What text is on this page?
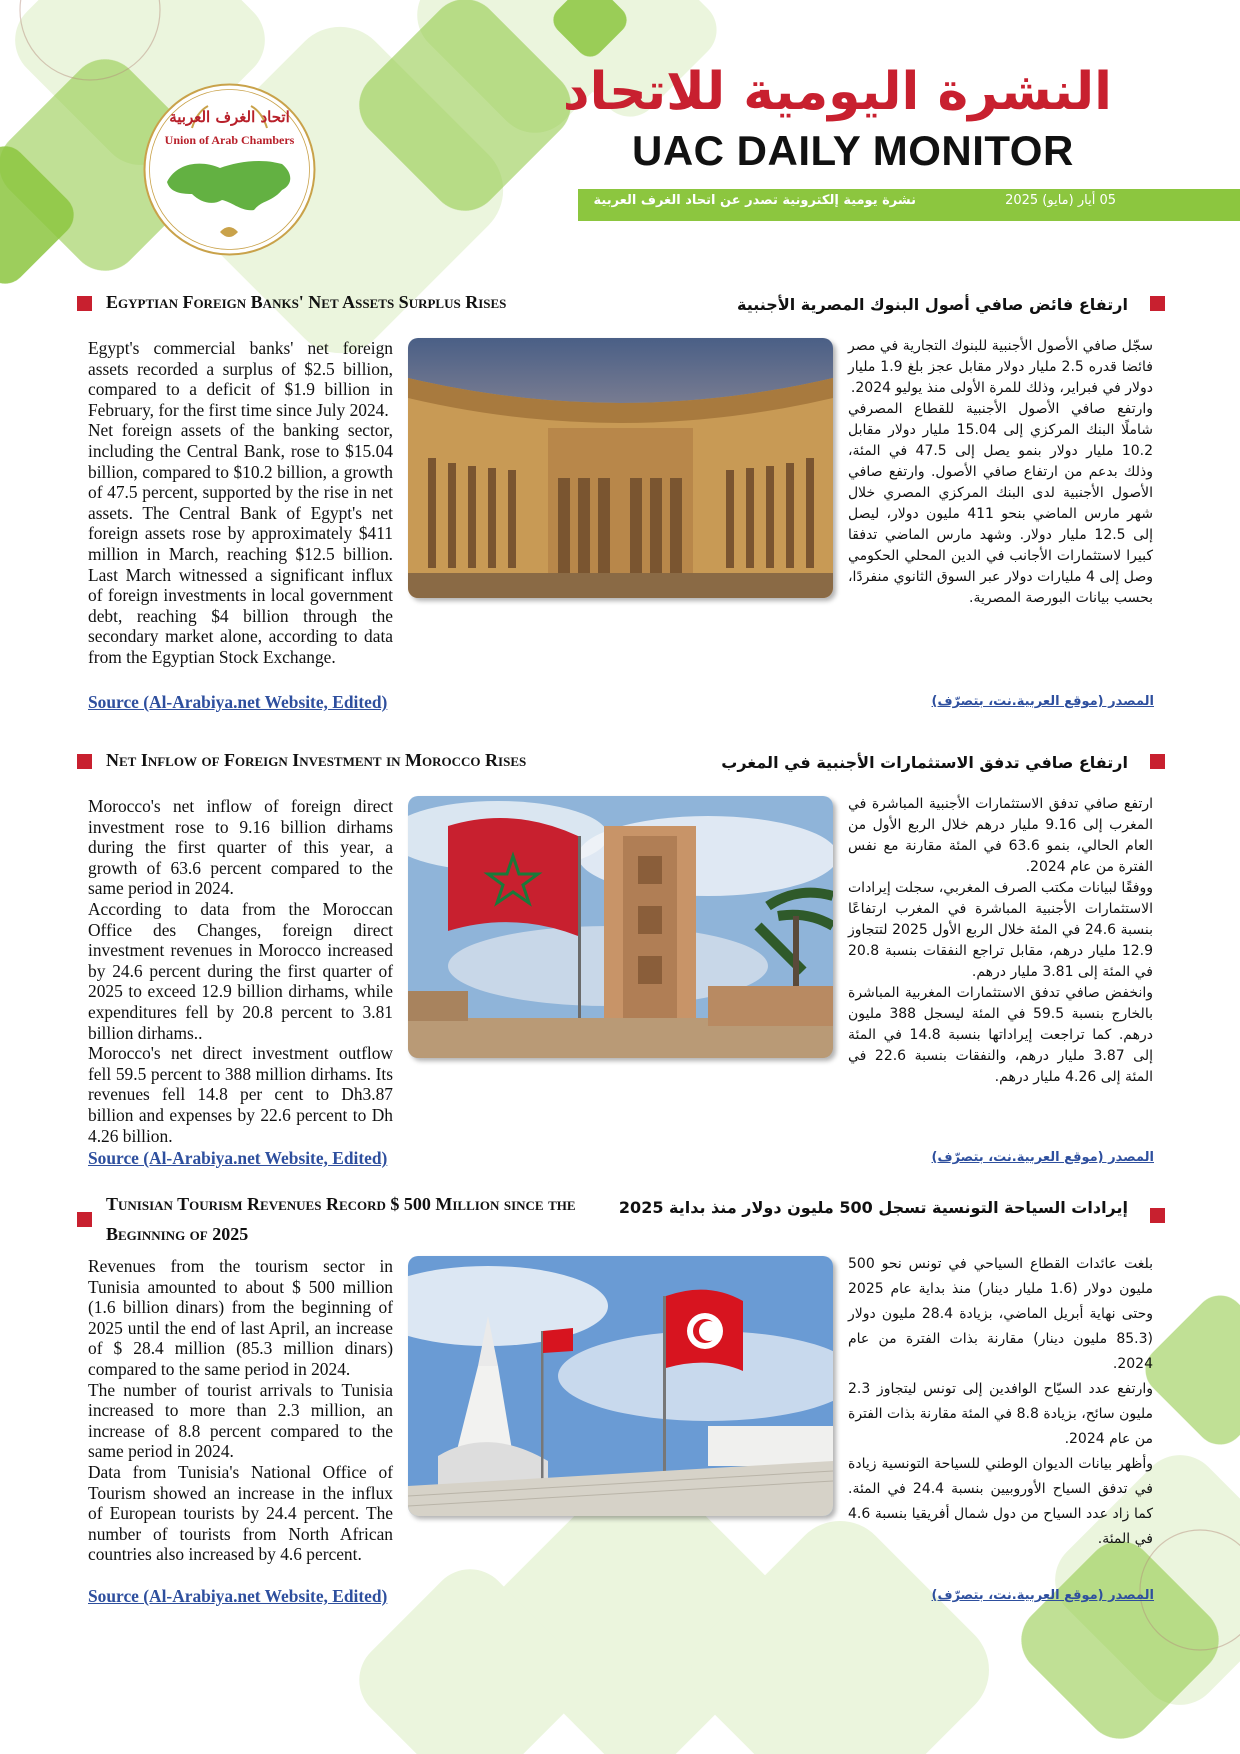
اتحاد الغرف العربية
Union of Arab Chambers
النشرة اليومية للاتحاد
UAC DAILY MONITOR
نشرة يومية إلكترونية تصدر عن اتحاد الغرف العربية	05 أيار (مايو) 2025
Egyptian Foreign Banks' Net Assets Surplus Rises	ارتفاع فائض صافي أصول البنوك المصرية الأجنبية

Egypt's commercial banks' net foreign assets recorded a surplus of $2.5 billion, compared to a deficit of $1.9 billion in February, for the first time since July 2024.

Net foreign assets of the banking sector, including the Central Bank, rose to $15.04 billion, compared to $10.2 billion, a growth of 47.5 percent, supported by the rise in net assets. The Central Bank of Egypt's net foreign assets rose by approximately $411 million in March, reaching $12.5 billion. Last March witnessed a significant influx of foreign investments in local government debt, reaching $4 billion through the secondary market alone, according to data from the Egyptian Stock Exchange.

Source (Al-Arabiya.net Website, Edited)

سجّل صافي الأصول الأجنبية للبنوك التجارية في مصر فائضا قدره 2.5 مليار دولار مقابل عجز بلغ 1.9 مليار دولار في فبراير، وذلك للمرة الأولى منذ يوليو 2024.

وارتفع صافي الأصول الأجنبية للقطاع المصرفي شاملًا البنك المركزي إلى 15.04 مليار دولار مقابل 10.2 مليار دولار بنمو يصل إلى 47.5 في المئة، وذلك بدعم من ارتفاع صافي الأصول. وارتفع صافي الأصول الأجنبية لدى البنك المركزي المصري خلال شهر مارس الماضي بنحو 411 مليون دولار، ليصل إلى 12.5 مليار دولار. وشهد مارس الماضي تدفقا كبيرا لاستثمارات الأجانب في الدين المحلي الحكومي وصل إلى 4 مليارات دولار عبر السوق الثانوي منفردًا، بحسب بيانات البورصة المصرية.

المصدر (موقع العربية.نت، بتصرّف)
Net Inflow of Foreign Investment in Morocco Rises	ارتفاع صافي تدفق الاستثمارات الأجنبية في المغرب

Morocco's net inflow of foreign direct investment rose to 9.16 billion dirhams during the first quarter of this year, a growth of 63.6 percent compared to the same period in 2024.

According to data from the Moroccan Office des Changes, foreign direct investment revenues in Morocco increased by 24.6 percent during the first quarter of 2025 to exceed 12.9 billion dirhams, while expenditures fell by 20.8 percent to 3.81 billion dirhams..

Morocco's net direct investment outflow fell 59.5 percent to 388 million dirhams. Its revenues fell 14.8 per cent to Dh3.87 billion and expenses by 22.6 percent to Dh 4.26 billion.

Source (Al-Arabiya.net Website, Edited)

ارتفع صافي تدفق الاستثمارات الأجنبية المباشرة في المغرب إلى 9.16 مليار درهم خلال الربع الأول من العام الحالي، بنمو 63.6 في المئة مقارنة مع نفس الفترة من عام 2024.

ووفقًا لبيانات مكتب الصرف المغربي، سجلت إيرادات الاستثمارات الأجنبية المباشرة في المغرب ارتفاعًا بنسبة 24.6 في المئة خلال الربع الأول 2025 لتتجاوز 12.9 مليار درهم، مقابل تراجع النفقات بنسبة 20.8 في المئة إلى 3.81 مليار درهم.

وانخفض صافي تدفق الاستثمارات المغربية المباشرة بالخارج بنسبة 59.5 في المئة ليسجل 388 مليون درهم. كما تراجعت إيراداتها بنسبة 14.8 في المئة إلى 3.87 مليار درهم، والنفقات بنسبة 22.6 في المئة إلى 4.26 مليار درهم.

المصدر (موقع العربية.نت، بتصرّف)
Tunisian Tourism Revenues Record $ 500 Million since the
Beginning of 2025
إيرادات السياحة التونسية تسجل 500 مليون دولار منذ بداية 2025

Revenues from the tourism sector in Tunisia amounted to about $ 500 million (1.6 billion dinars) from the beginning of 2025 until the end of last April, an increase of $ 28.4 million (85.3 million dinars) compared to the same period in 2024.

The number of tourist arrivals to Tunisia increased to more than 2.3 million, an increase of 8.8 percent compared to the same period in 2024.

Data from Tunisia's National Office of Tourism showed an increase in the influx of European tourists by 24.4 percent. The number of tourists from North African countries also increased by 4.6 percent.

Source (Al-Arabiya.net Website, Edited)

بلغت عائدات القطاع السياحي في تونس نحو 500 مليون دولار (1.6 مليار دينار) منذ بداية عام 2025 وحتى نهاية أبريل الماضي، بزيادة 28.4 مليون دولار (85.3 مليون دينار) مقارنة بذات الفترة من عام 2024.

وارتفع عدد السيّاح الوافدين إلى تونس ليتجاوز 2.3 مليون سائح، بزيادة 8.8 في المئة مقارنة بذات الفترة من عام 2024.

وأظهر بيانات الديوان الوطني للسياحة التونسية زيادة في تدفق السياح الأوروبيين بنسبة 24.4 في المئة. كما زاد عدد السياح من دول شمال أفريقيا بنسبة 4.6 في المئة.

المصدر (موقع العربية.نت، بتصرّف)
